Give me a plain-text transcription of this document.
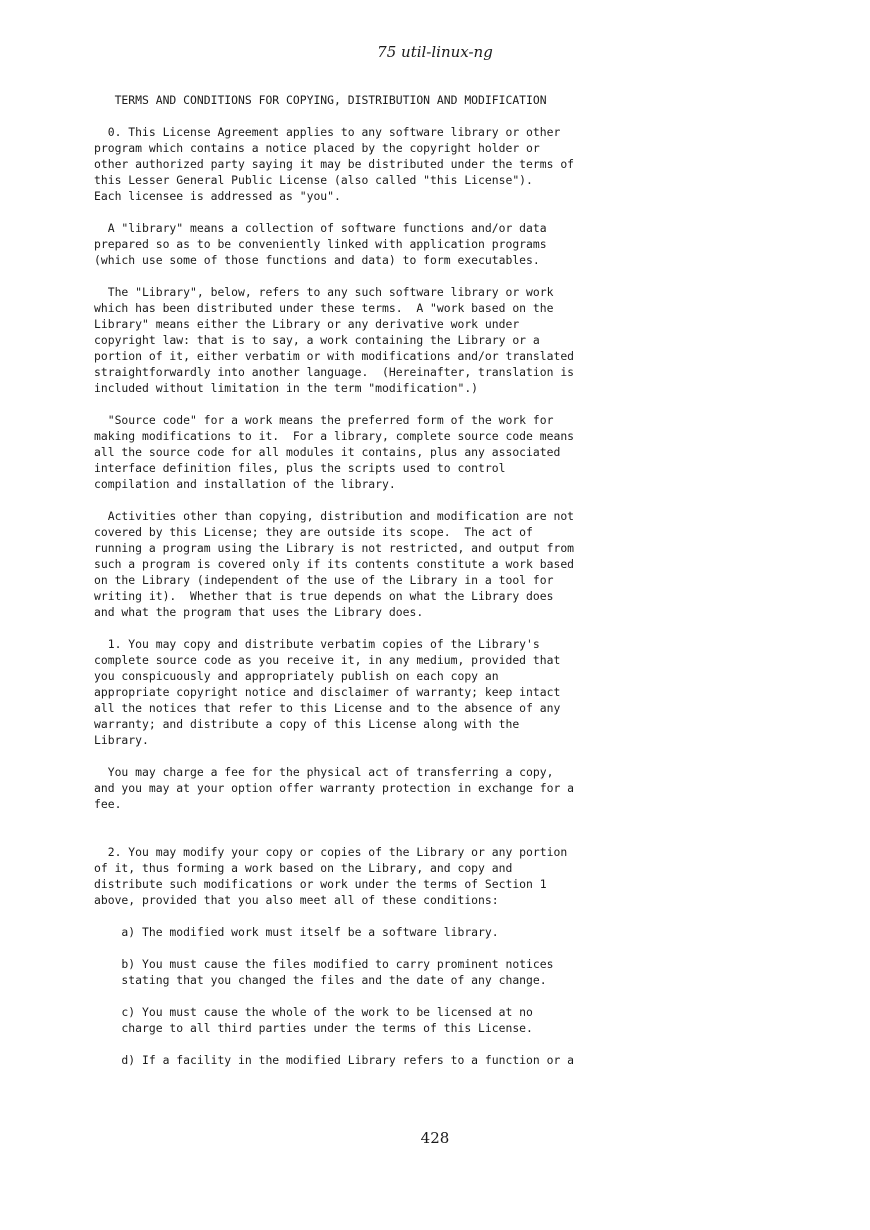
75 util-linux-ng
TERMS AND CONDITIONS FOR COPYING, DISTRIBUTION AND MODIFICATION
0. This License Agreement applies to any software library or other
program which contains a notice placed by the copyright holder or
other authorized party saying it may be distributed under the terms of
this Lesser General Public License (also called "this License").
Each licensee is addressed as "you".
A "library" means a collection of software functions and/or data
prepared so as to be conveniently linked with application programs
(which use some of those functions and data) to form executables.
The "Library", below, refers to any such software library or work
which has been distributed under these terms.  A "work based on the
Library" means either the Library or any derivative work under
copyright law: that is to say, a work containing the Library or a
portion of it, either verbatim or with modifications and/or translated
straightforwardly into another language.  (Hereinafter, translation is
included without limitation in the term "modification".)
"Source code" for a work means the preferred form of the work for
making modifications to it.  For a library, complete source code means
all the source code for all modules it contains, plus any associated
interface definition files, plus the scripts used to control
compilation and installation of the library.
Activities other than copying, distribution and modification are not
covered by this License; they are outside its scope.  The act of
running a program using the Library is not restricted, and output from
such a program is covered only if its contents constitute a work based
on the Library (independent of the use of the Library in a tool for
writing it).  Whether that is true depends on what the Library does
and what the program that uses the Library does.
1. You may copy and distribute verbatim copies of the Library's
complete source code as you receive it, in any medium, provided that
you conspicuously and appropriately publish on each copy an
appropriate copyright notice and disclaimer of warranty; keep intact
all the notices that refer to this License and to the absence of any
warranty; and distribute a copy of this License along with the
Library.
You may charge a fee for the physical act of transferring a copy,
and you may at your option offer warranty protection in exchange for a
fee.
2. You may modify your copy or copies of the Library or any portion
of it, thus forming a work based on the Library, and copy and
distribute such modifications or work under the terms of Section 1
above, provided that you also meet all of these conditions:
a) The modified work must itself be a software library.
b) You must cause the files modified to carry prominent notices
stating that you changed the files and the date of any change.
c) You must cause the whole of the work to be licensed at no
charge to all third parties under the terms of this License.
d) If a facility in the modified Library refers to a function or a
428
